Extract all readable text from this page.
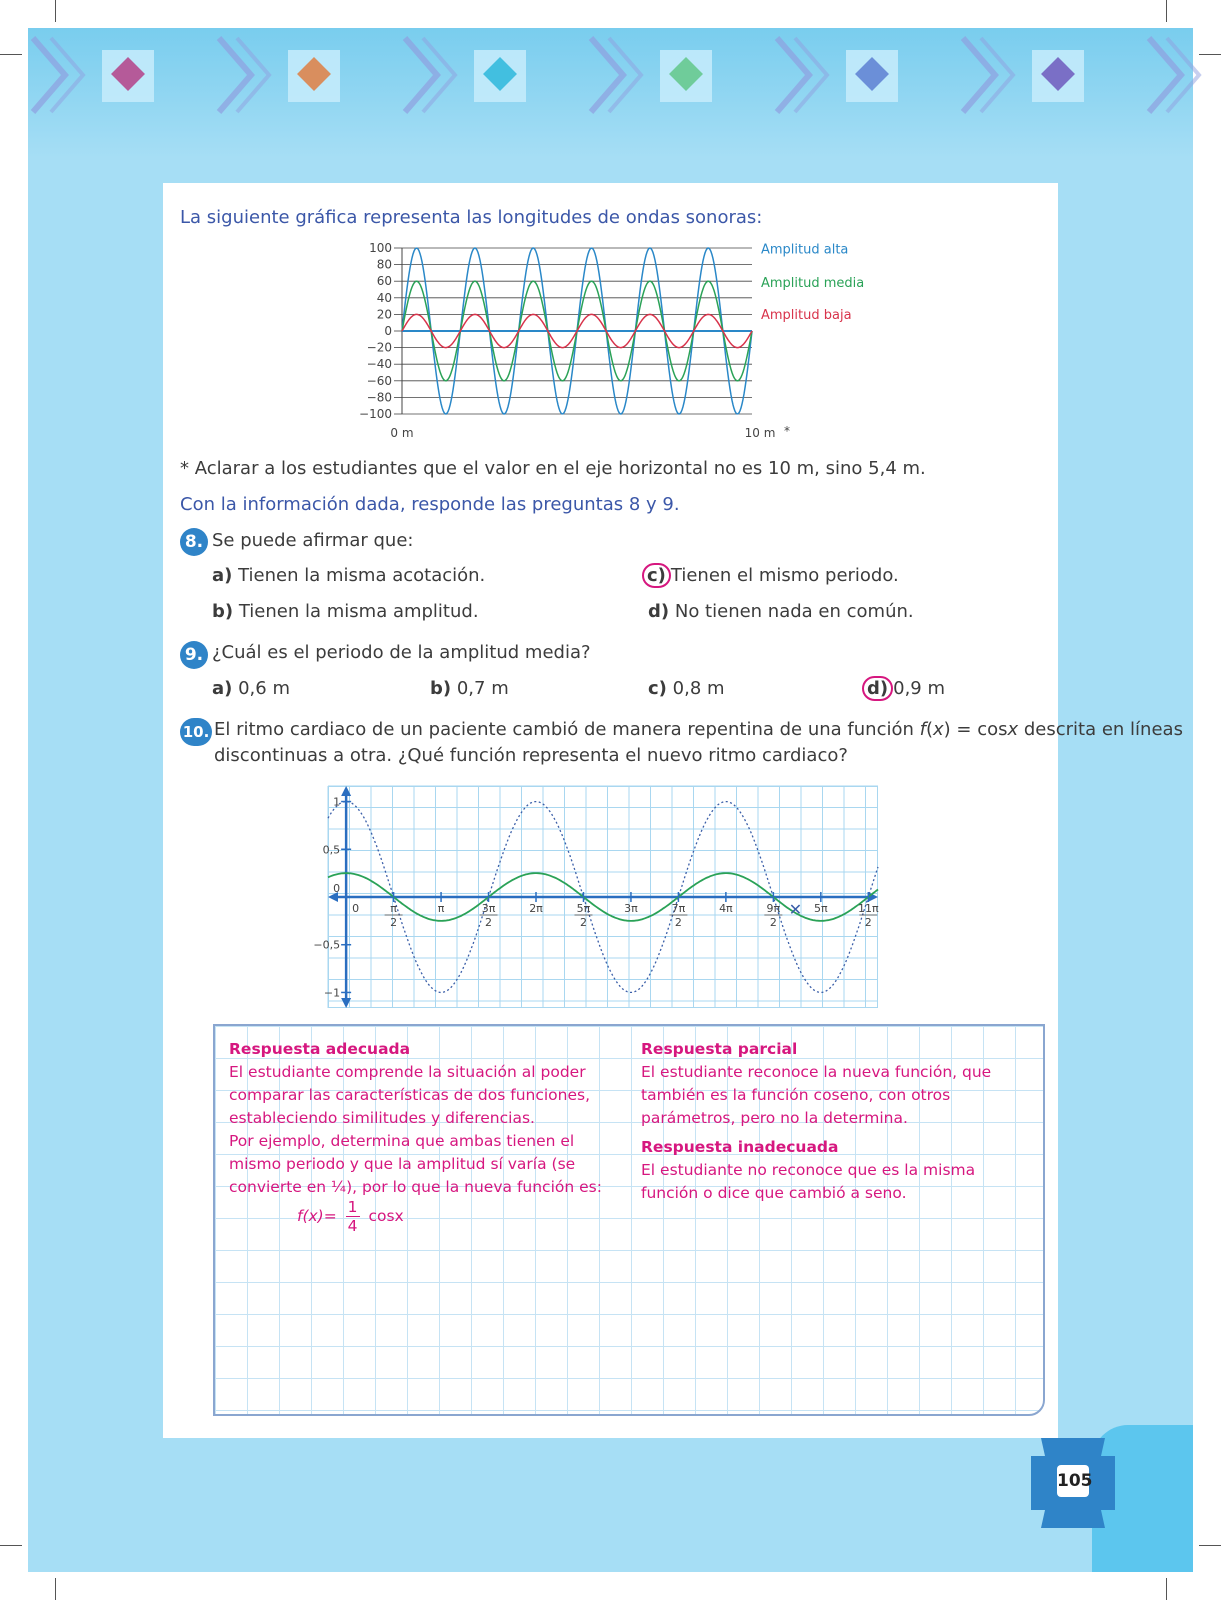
La siguiente gráfica representa las longitudes de ondas sonoras:
100
80
60
40
20
0
−20
−40
−60
−80
−100
Amplitud alta
Amplitud media
Amplitud baja
0 m	10 m *
* Aclarar a los estudiantes que el valor en el eje horizontal no es 10 m, sino 5,4 m.
Con la información dada, responde las preguntas 8 y 9.
8. Se puede afirmar que:
a) Tienen la misma acotación.
b) Tienen la misma amplitud.
c) Tienen el mismo periodo.
d) No tienen nada en común.
9. ¿Cuál es el periodo de la amplitud media?
a) 0,6 m	b) 0,7 m	c) 0,8 m	d) 0,9 m
10. El ritmo cardiaco de un paciente cambió de manera repentina de una función f(x) = cosx descrita en líneas
discontinuas a otra. ¿Qué función representa el nuevo ritmo cardiaco?
1
0,5
0
−0,5
−1
0	π
2
π	3π
2
2π	5π
2
3π	7π
2
4π	9π
2
5π	11π
2
✕
Respuesta adecuada
El estudiante comprende la situación al poder comparar las características de dos funciones, estableciendo similitudes y diferencias.
Por ejemplo, determina que ambas tienen el mismo periodo y que la amplitud sí varía (se convierte en ¼), por lo que la nueva función es:
$f(x)= \frac{1}{4}$ cosx
Respuesta parcial
El estudiante reconoce la nueva función, que también es la función coseno, con otros parámetros, pero no la determina.
Respuesta inadecuada
El estudiante no reconoce que es la misma función o dice que cambió a seno.
105
